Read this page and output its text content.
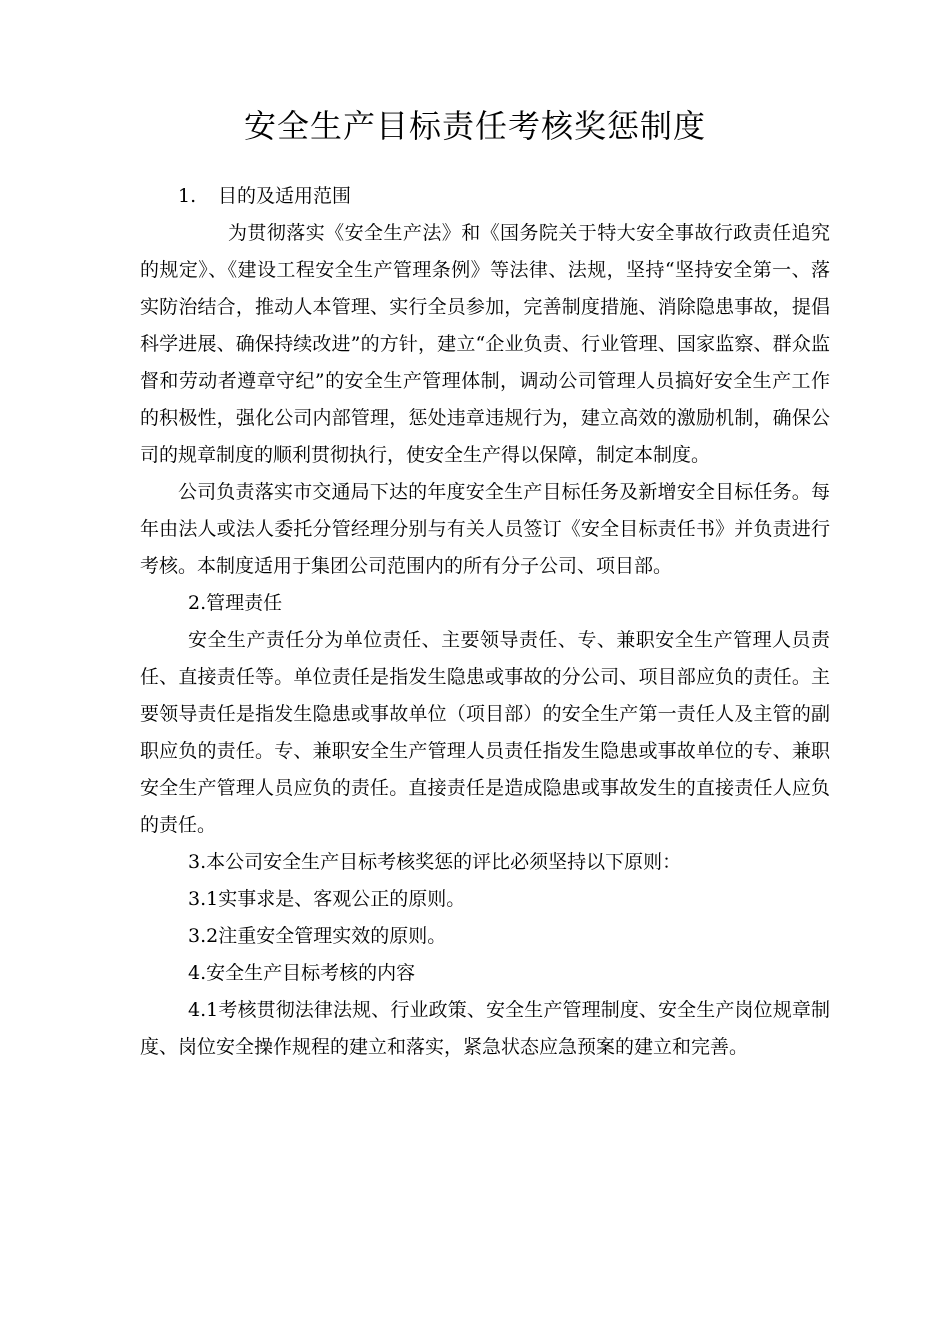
安全生产目标责任考核奖惩制度

1. 目的及适用范围

为贯彻落实《安全生产法》和《国务院关于特大安全事故行政责任追究的规定》、《建设工程安全生产管理条例》等法律、法规，坚持“坚持安全第一、落实防治结合，推动人本管理、实行全员参加，完善制度措施、消除隐患事故，提倡科学进展、确保持续改进”的方针，建立“企业负责、行业管理、国家监察、群众监督和劳动者遵章守纪”的安全生产管理体制，调动公司管理人员搞好安全生产工作的积极性，强化公司内部管理，惩处违章违规行为，建立高效的激励机制，确保公司的规章制度的顺利贯彻执行，使安全生产得以保障，制定本制度。

公司负责落实市交通局下达的年度安全生产目标任务及新增安全目标任务。每年由法人或法人委托分管经理分别与有关人员签订《安全目标责任书》并负责进行考核。本制度适用于集团公司范围内的所有分子公司、项目部。

2.管理责任

安全生产责任分为单位责任、主要领导责任、专、兼职安全生产管理人员责任、直接责任等。单位责任是指发生隐患或事故的分公司、项目部应负的责任。主要领导责任是指发生隐患或事故单位（项目部）的安全生产第一责任人及主管的副职应负的责任。专、兼职安全生产管理人员责任指发生隐患或事故单位的专、兼职安全生产管理人员应负的责任。直接责任是造成隐患或事故发生的直接责任人应负的责任。

3.本公司安全生产目标考核奖惩的评比必须坚持以下原则：

3.1实事求是、客观公正的原则。

3.2注重安全管理实效的原则。

4.安全生产目标考核的内容

4.1考核贯彻法律法规、行业政策、安全生产管理制度、安全生产岗位规章制度、岗位安全操作规程的建立和落实，紧急状态应急预案的建立和完善。
